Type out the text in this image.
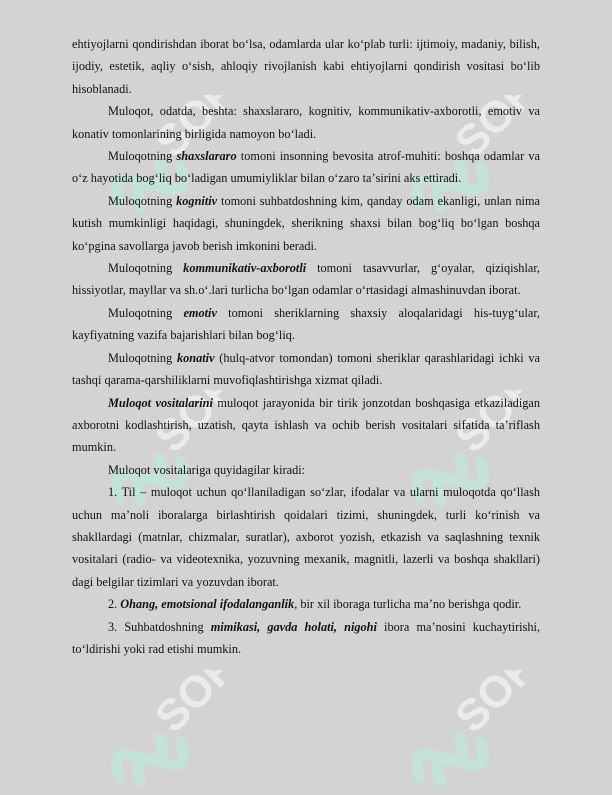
SOF	SOF
SOF	SOF
SOF	SOF

ehtiyojlarni qondirishdan iborat boʻlsa, odamlarda ular koʻplab turli: ijtimoiy, madaniy, bilish, ijodiy, estetik, aqliy oʻsish, ahloqiy rivojlanish kabi ehtiyojlarni qondirish vositasi boʻlib hisoblanadi.

Muloqot, odatda, beshta: shaxslararo, kognitiv, kommunikativ-axborotli, emotiv va konativ tomonlarining birligida namoyon boʻladi.

Muloqotning shaxslararo tomoni insonning bevosita atrof-muhiti: boshqa odamlar va oʻz hayotida bogʻliq boʻladigan umumiyliklar bilan oʻzaro taʼsirini aks ettiradi.

Muloqotning kognitiv tomoni suhbatdoshning kim, qanday odam ekanligi, unlan nima kutish mumkinligi haqidagi, shuningdek, sherikning shaxsi bilan bogʻliq boʻlgan boshqa koʻpgina savollarga javob berish imkonini beradi.

Muloqotning kommunikativ-axborotli tomoni tasavvurlar, gʻoyalar, qiziqishlar, hissiyotlar, mayllar va sh.oʻ.lari turlicha boʻlgan odamlar oʻrtasidagi almashinuvdan iborat.

Muloqotning emotiv tomoni sheriklarning shaxsiy aloqalaridagi his-tuygʻular, kayfiyatning vazifa bajarishlari bilan bogʻliq.

Muloqotning konativ (hulq-atvor tomondan) tomoni sheriklar qarashlaridagi ichki va tashqi qarama-qarshiliklarni muvofiqlashtirishga xizmat qiladi.

Muloqot vositalarini muloqot jarayonida bir tirik jonzotdan boshqasiga etkaziladigan axborotni kodlashtirish, uzatish, qayta ishlash va ochib berish vositalari sifatida taʼriflash mumkin.

Muloqot vositalariga quyidagilar kiradi:

1. Til – muloqot uchun qoʻllaniladigan soʻzlar, ifodalar va ularni muloqotda qoʻllash uchun maʼnoli iboralarga birlashtirish qoidalari tizimi, shuningdek, turli koʻrinish va shakllardagi (matnlar, chizmalar, suratlar), axborot yozish, etkazish va saqlashning texnik vositalari (radio- va videotexnika, yozuvning mexanik, magnitli, lazerli va boshqa shakllari) dagi belgilar tizimlari va yozuvdan iborat.

2. Ohang, emotsional ifodalanganlik, bir xil iboraga turlicha maʼno berishga qodir.

3. Suhbatdoshning mimikasi, gavda holati, nigohi ibora maʼnosini kuchaytirishi, toʻldirishi yoki rad etishi mumkin.
